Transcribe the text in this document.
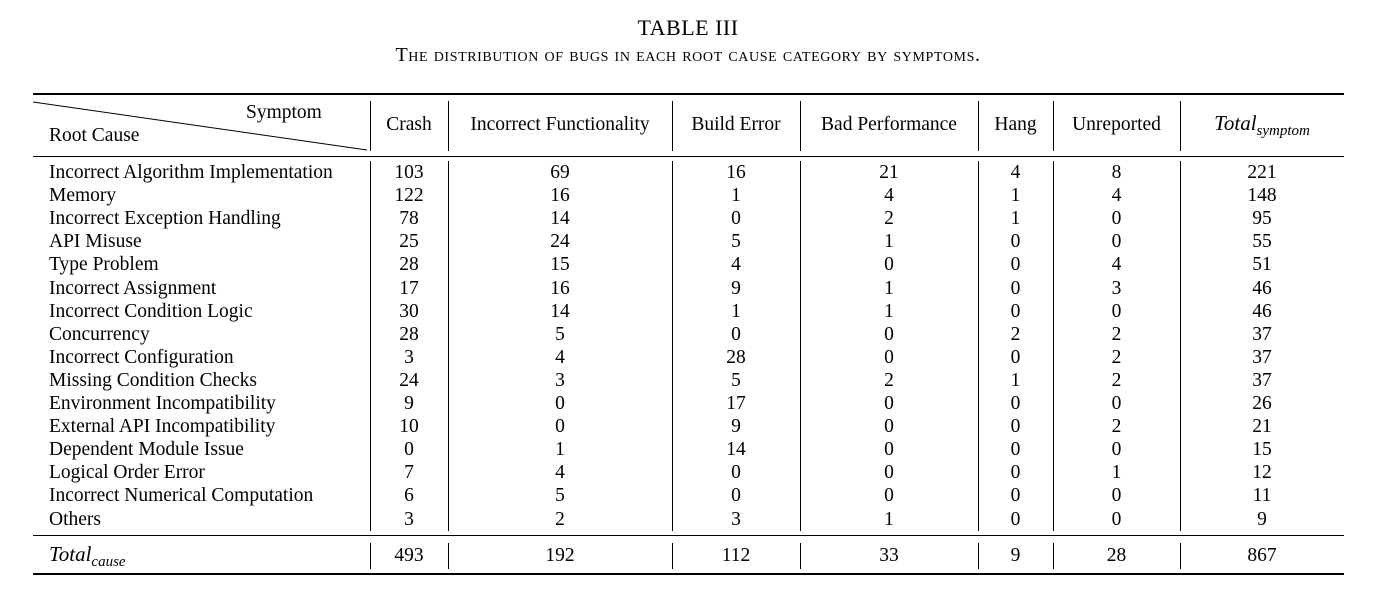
TABLE III
The distribution of bugs in each root cause category by symptoms.
Symptom
Root Cause
Crash	Incorrect Functionality	Build Error	Bad Performance	Hang	Unreported	Total$_{symptom}$
Incorrect Algorithm Implementation	103	69	16	21	4	8	221
Memory	122	16	1	4	1	4	148
Incorrect Exception Handling	78	14	0	2	1	0	95
API Misuse	25	24	5	1	0	0	55
Type Problem	28	15	4	0	0	4	51
Incorrect Assignment	17	16	9	1	0	3	46
Incorrect Condition Logic	30	14	1	1	0	0	46
Concurrency	28	5	0	0	2	2	37
Incorrect Configuration	3	4	28	0	0	2	37
Missing Condition Checks	24	3	5	2	1	2	37
Environment Incompatibility	9	0	17	0	0	0	26
External API Incompatibility	10	0	9	0	0	2	21
Dependent Module Issue	0	1	14	0	0	0	15
Logical Order Error	7	4	0	0	0	1	12
Incorrect Numerical Computation	6	5	0	0	0	0	11
Others	3	2	3	1	0	0	9
Total$_{cause}$	493	192	112	33	9	28	867
